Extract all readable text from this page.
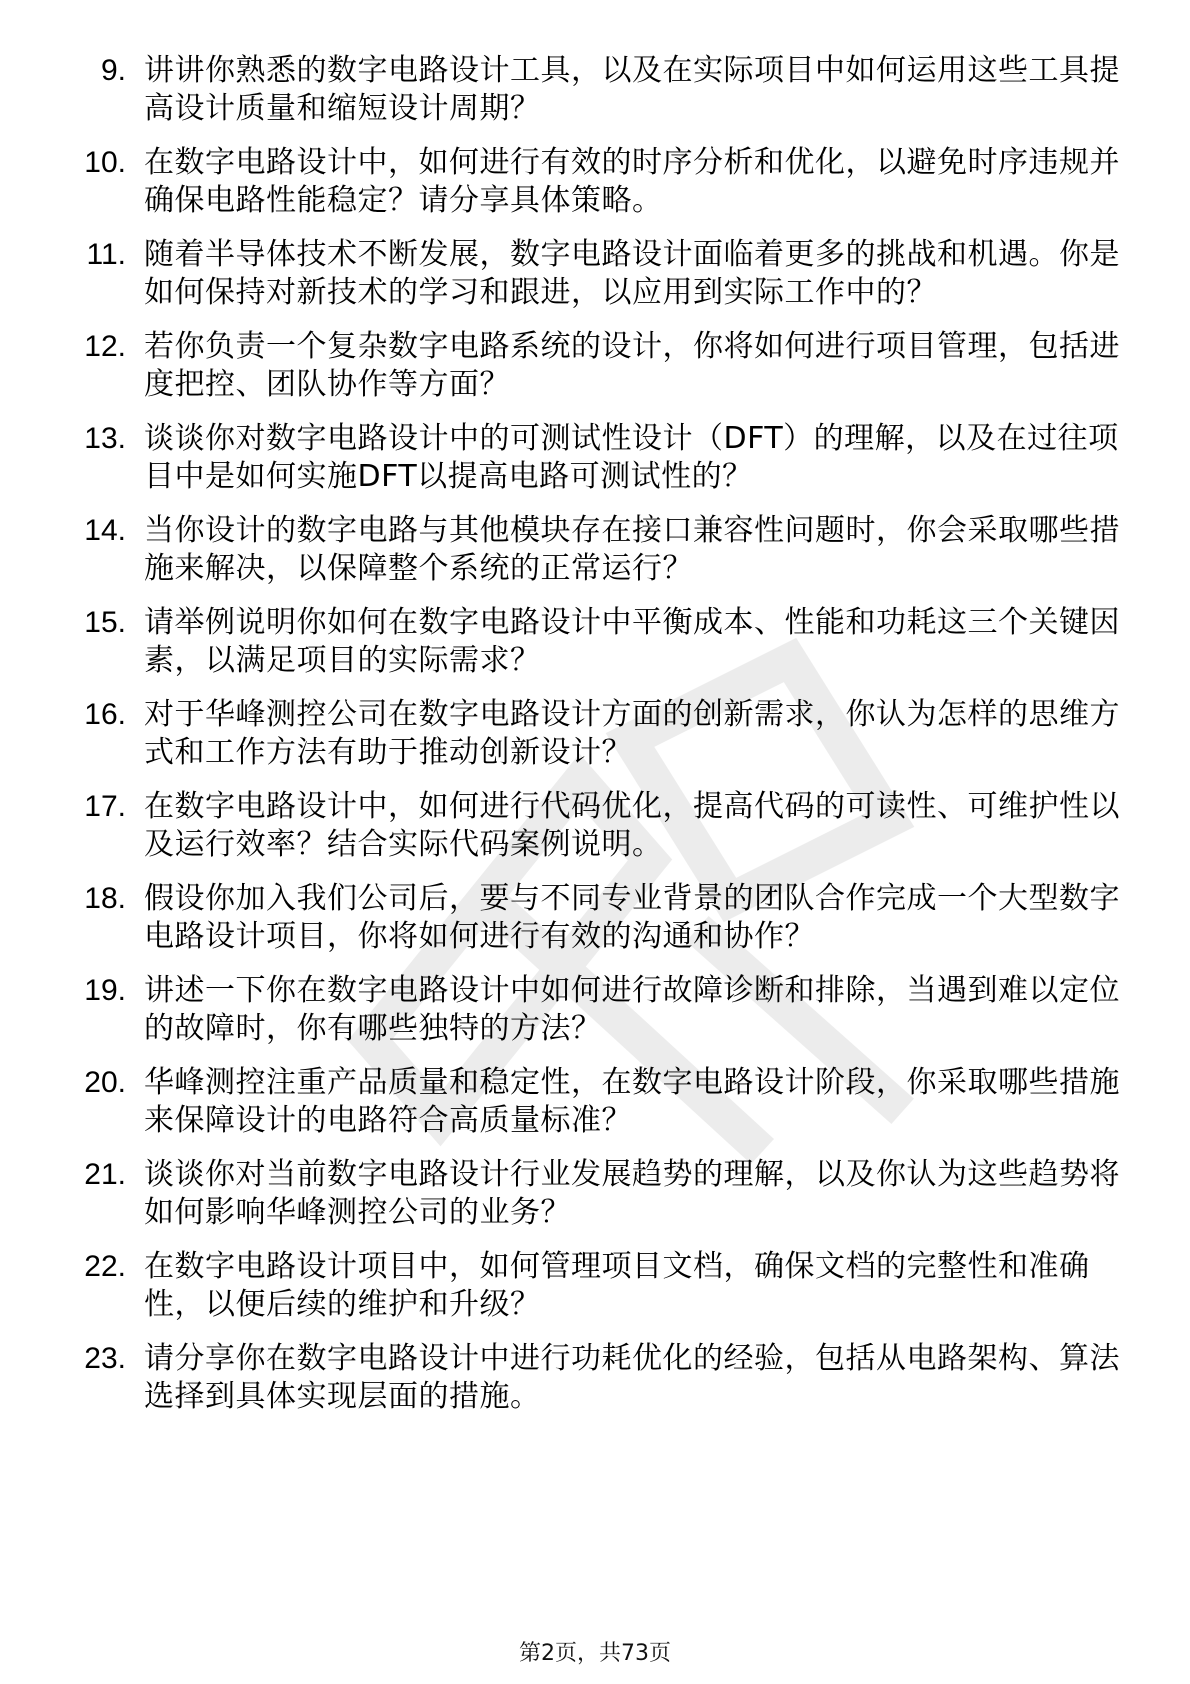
9. 讲讲你熟悉的数字电路设计工具，以及在实际项目中如何运用这些工具提高设计质量和缩短设计周期？
10. 在数字电路设计中，如何进行有效的时序分析和优化，以避免时序违规并确保电路性能稳定？请分享具体策略。
11. 随着半导体技术不断发展，数字电路设计面临着更多的挑战和机遇。你是如何保持对新技术的学习和跟进，以应用到实际工作中的？
12. 若你负责一个复杂数字电路系统的设计，你将如何进行项目管理，包括进度把控、团队协作等方面？
13. 谈谈你对数字电路设计中的可测试性设计（DFT）的理解，以及在过往项目中是如何实施DFT以提高电路可测试性的？
14. 当你设计的数字电路与其他模块存在接口兼容性问题时，你会采取哪些措施来解决，以保障整个系统的正常运行？
15. 请举例说明你如何在数字电路设计中平衡成本、性能和功耗这三个关键因素，以满足项目的实际需求？
16. 对于华峰测控公司在数字电路设计方面的创新需求，你认为怎样的思维方式和工作方法有助于推动创新设计？
17. 在数字电路设计中，如何进行代码优化，提高代码的可读性、可维护性以及运行效率？结合实际代码案例说明。
18. 假设你加入我们公司后，要与不同专业背景的团队合作完成一个大型数字电路设计项目，你将如何进行有效的沟通和协作？
19. 讲述一下你在数字电路设计中如何进行故障诊断和排除，当遇到难以定位的故障时，你有哪些独特的方法？
20. 华峰测控注重产品质量和稳定性，在数字电路设计阶段，你采取哪些措施来保障设计的电路符合高质量标准？
21. 谈谈你对当前数字电路设计行业发展趋势的理解，以及你认为这些趋势将如何影响华峰测控公司的业务？
22. 在数字电路设计项目中，如何管理项目文档，确保文档的完整性和准确性，以便后续的维护和升级？
23. 请分享你在数字电路设计中进行功耗优化的经验，包括从电路架构、算法选择到具体实现层面的措施。
第2页，共73页
